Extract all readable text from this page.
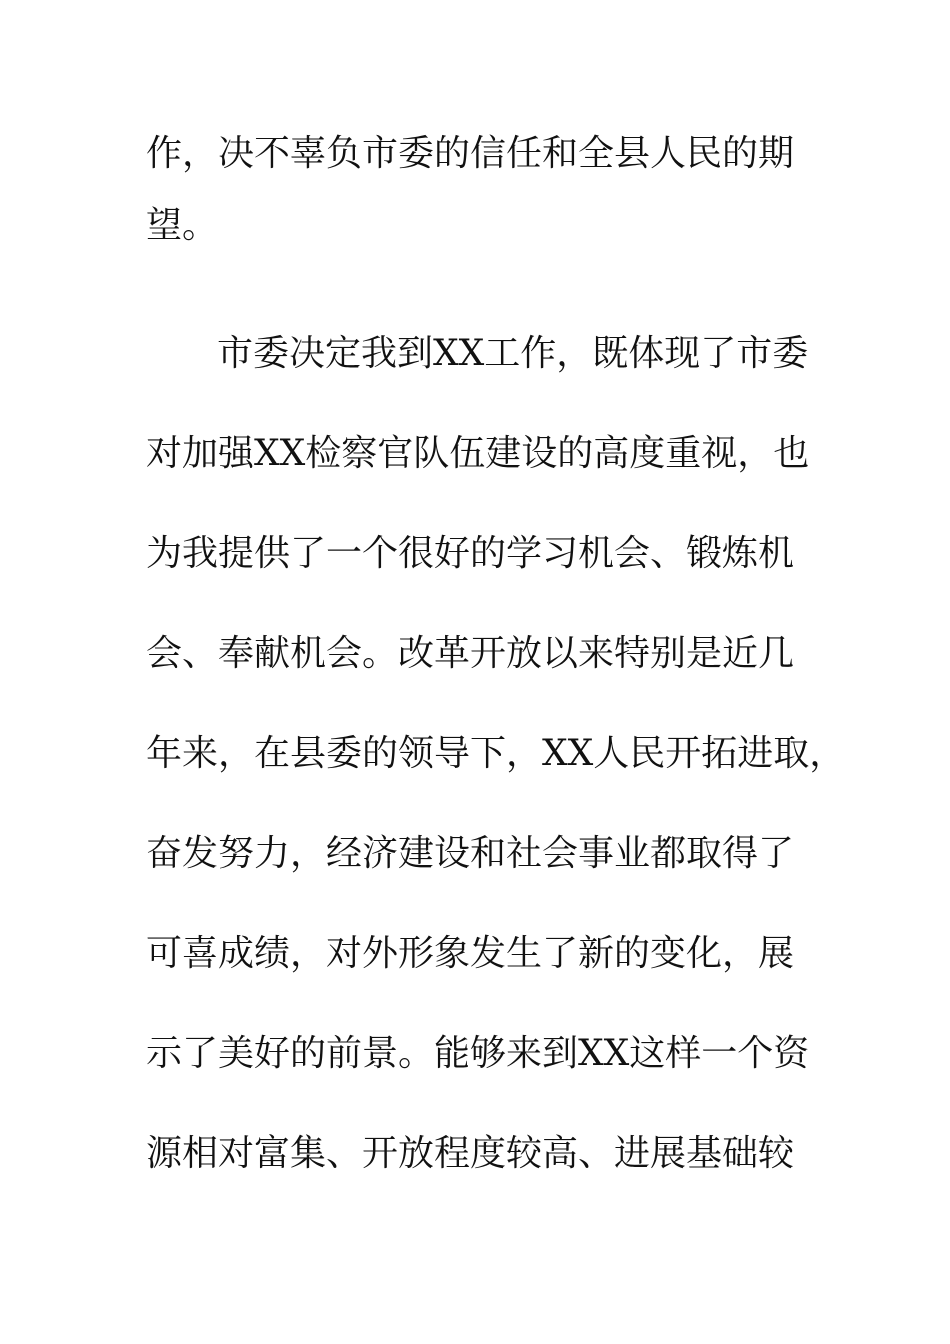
作，决不辜负市委的信任和全县人民的期
望。
市委决定我到XX工作，既体现了市委
对加强XX检察官队伍建设的高度重视，也
为我提供了一个很好的学习机会、锻炼机
会、奉献机会。改革开放以来特别是近几
年来，在县委的领导下，XX人民开拓进取，
奋发努力，经济建设和社会事业都取得了
可喜成绩，对外形象发生了新的变化，展
示了美好的前景。能够来到XX这样一个资
源相对富集、开放程度较高、进展基础较
